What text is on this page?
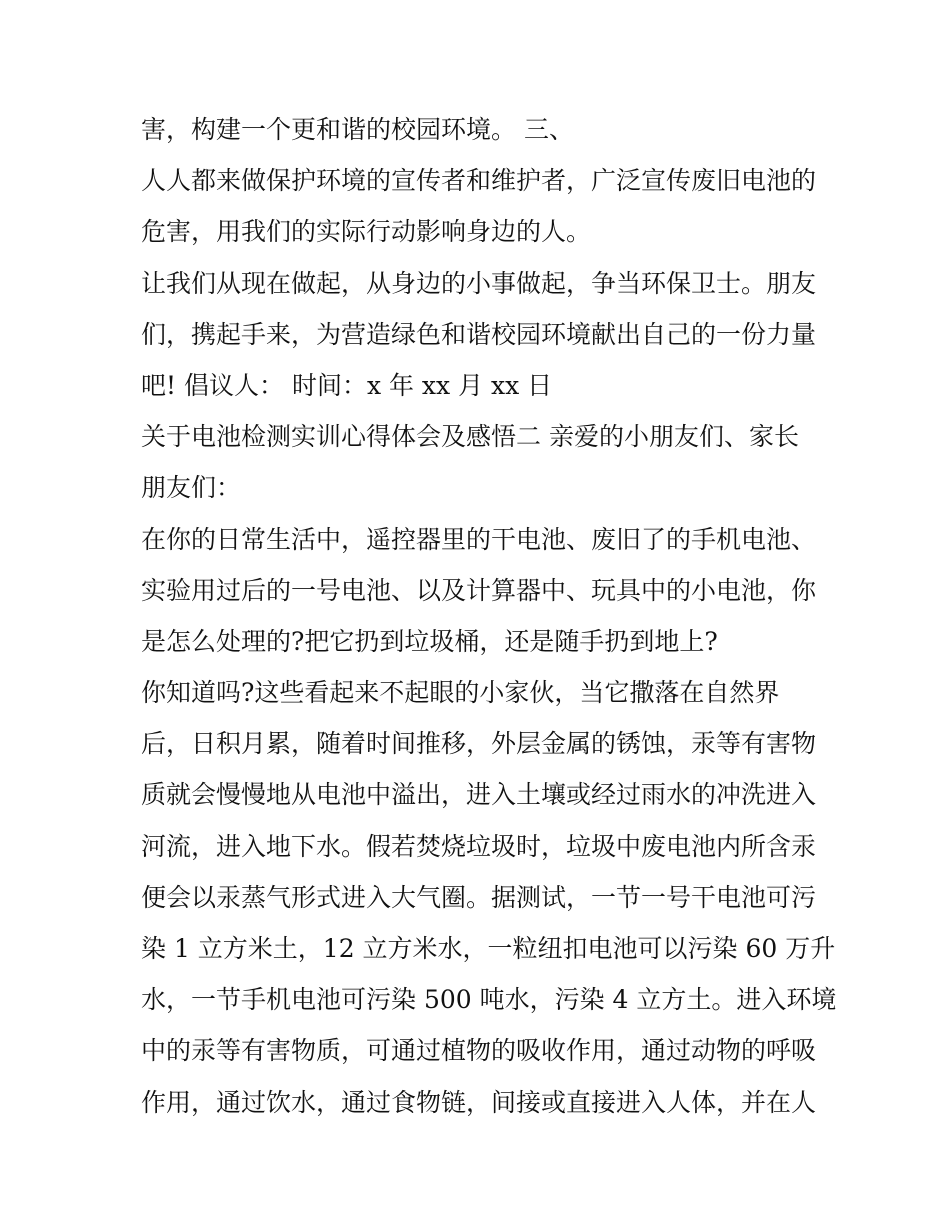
害，构建一个更和谐的校园环境。 三、
人人都来做保护环境的宣传者和维护者，广泛宣传废旧电池的
危害，用我们的实际行动影响身边的人。
让我们从现在做起，从身边的小事做起，争当环保卫士。朋友
们，携起手来，为营造绿色和谐校园环境献出自己的一份力量
吧! 倡议人： 时间：x 年 xx 月 xx 日
关于电池检测实训心得体会及感悟二 亲爱的小朋友们、家长
朋友们：
在你的日常生活中，遥控器里的干电池、废旧了的手机电池、
实验用过后的一号电池、以及计算器中、玩具中的小电池，你
是怎么处理的?把它扔到垃圾桶，还是随手扔到地上?
你知道吗?这些看起来不起眼的小家伙，当它撒落在自然界
后，日积月累，随着时间推移，外层金属的锈蚀，汞等有害物
质就会慢慢地从电池中溢出，进入土壤或经过雨水的冲洗进入
河流，进入地下水。假若焚烧垃圾时，垃圾中废电池内所含汞
便会以汞蒸气形式进入大气圈。据测试，一节一号干电池可污
染 1 立方米土，12 立方米水，一粒纽扣电池可以污染 60 万升
水，一节手机电池可污染 500 吨水，污染 4 立方土。进入环境
中的汞等有害物质，可通过植物的吸收作用，通过动物的呼吸
作用，通过饮水，通过食物链，间接或直接进入人体，并在人
